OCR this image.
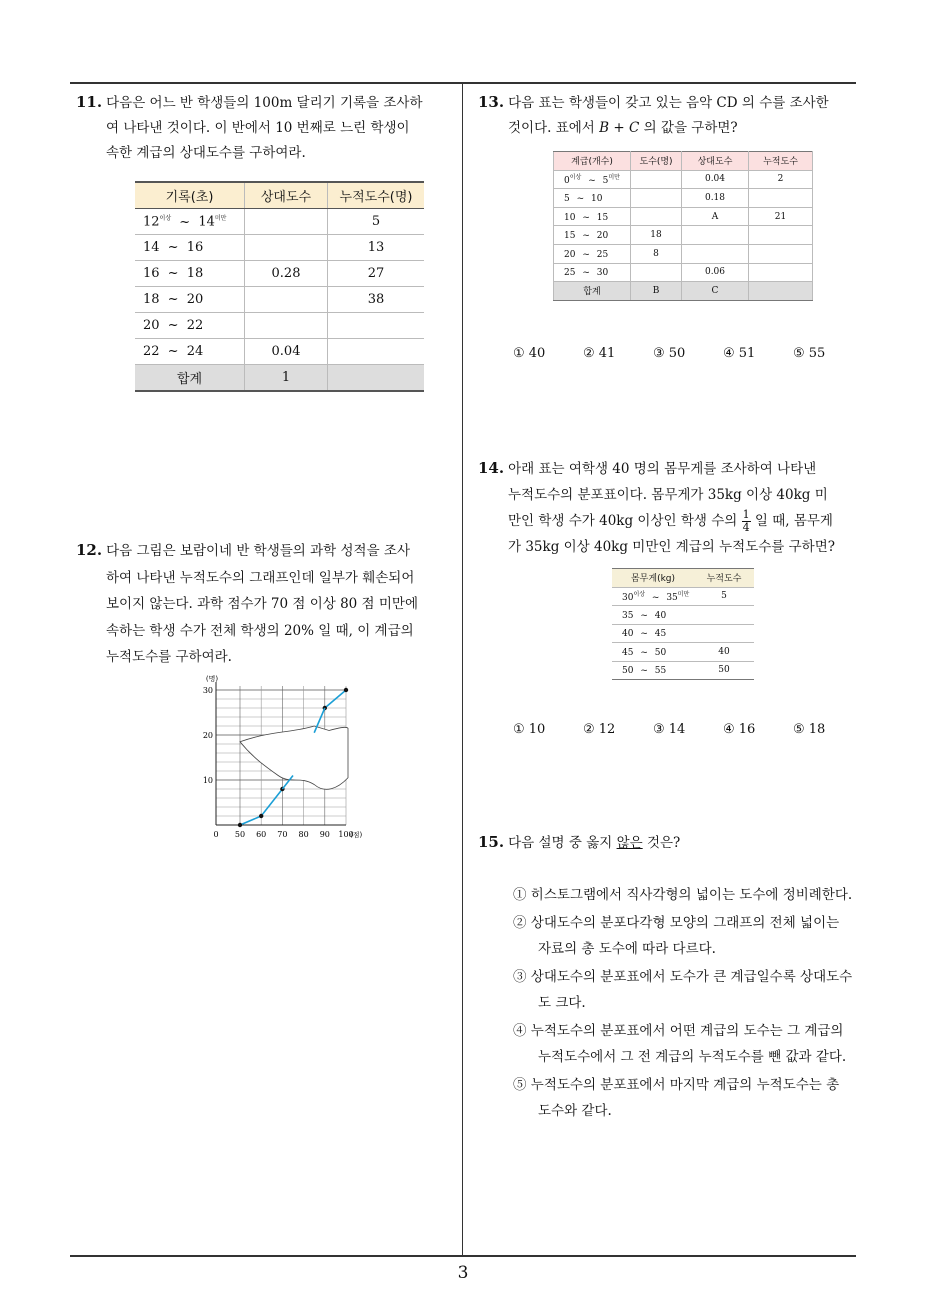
11. 다음은 어느 반 학생들의 100m 달리기 기록을 조사하
여 나타낸 것이다. 이 반에서 10 번째로 느린 학생이
속한 계급의 상대도수를 구하여라.
기록(초)	상대도수	누적도수(명)
$12^{이상}$ ~ $14^{미만}$		5
14 ~ 16		13
16 ~ 18	0.28	27
18 ~ 20		38
20 ~ 22		
22 ~ 24	0.04	
합계	1	
12. 다음 그림은 보람이네 반 학생들의 과학 성적을 조사
하여 나타낸 누적도수의 그래프인데 일부가 훼손되어
보이지 않는다. 과학 점수가 70 점 이상 80 점 미만에
속하는 학생 수가 전체 학생의 20% 일 때, 이 계급의
누적도수를 구하여라.
0 50 60 70 80 90 100
10
20
30
(명)
(점)
13. 다음 표는 학생들이 갖고 있는 음악 CD 의 수를 조사한
것이다. 표에서 B + C 의 값을 구하면?
계급(개수)	도수(명)	상대도수	누적도수
$0^{이상}$ ~ $5^{미만}$		0.04	2
5 ~ 10		0.18	
10 ~ 15		A	21
15 ~ 20	18		
20 ~ 25	8		
25 ~ 30		0.06	
합계	B	C	
① 40	② 41	③ 50	④ 51	⑤ 55
14. 아래 표는 여학생 40 명의 몸무게를 조사하여 나타낸
누적도수의 분포표이다. 몸무게가 35kg 이상 40kg 미
만인 학생 수가 40kg 이상인 학생 수의 $\frac{1}{4}$ 일 때, 몸무게
가 35kg 이상 40kg 미만인 계급의 누적도수를 구하면?
몸무게(kg)	누적도수
$30^{이상}$ ~ $35^{미만}$	5
35 ~ 40	
40 ~ 45	
45 ~ 50	40
50 ~ 55	50
① 10	② 12	③ 14	④ 16	⑤ 18
15. 다음 설명 중 옳지 않은 것은?
① 히스토그램에서 직사각형의 넓이는 도수에 정비례한다.
② 상대도수의 분포다각형 모양의 그래프의 전체 넓이는 자료의 총 도수에 따라 다르다.
③ 상대도수의 분포표에서 도수가 큰 계급일수록 상대도수도 크다.
④ 누적도수의 분포표에서 어떤 계급의 도수는 그 계급의 누적도수에서 그 전 계급의 누적도수를 뺀 값과 같다.
⑤ 누적도수의 분포표에서 마지막 계급의 누적도수는 총 도수와 같다.
3
